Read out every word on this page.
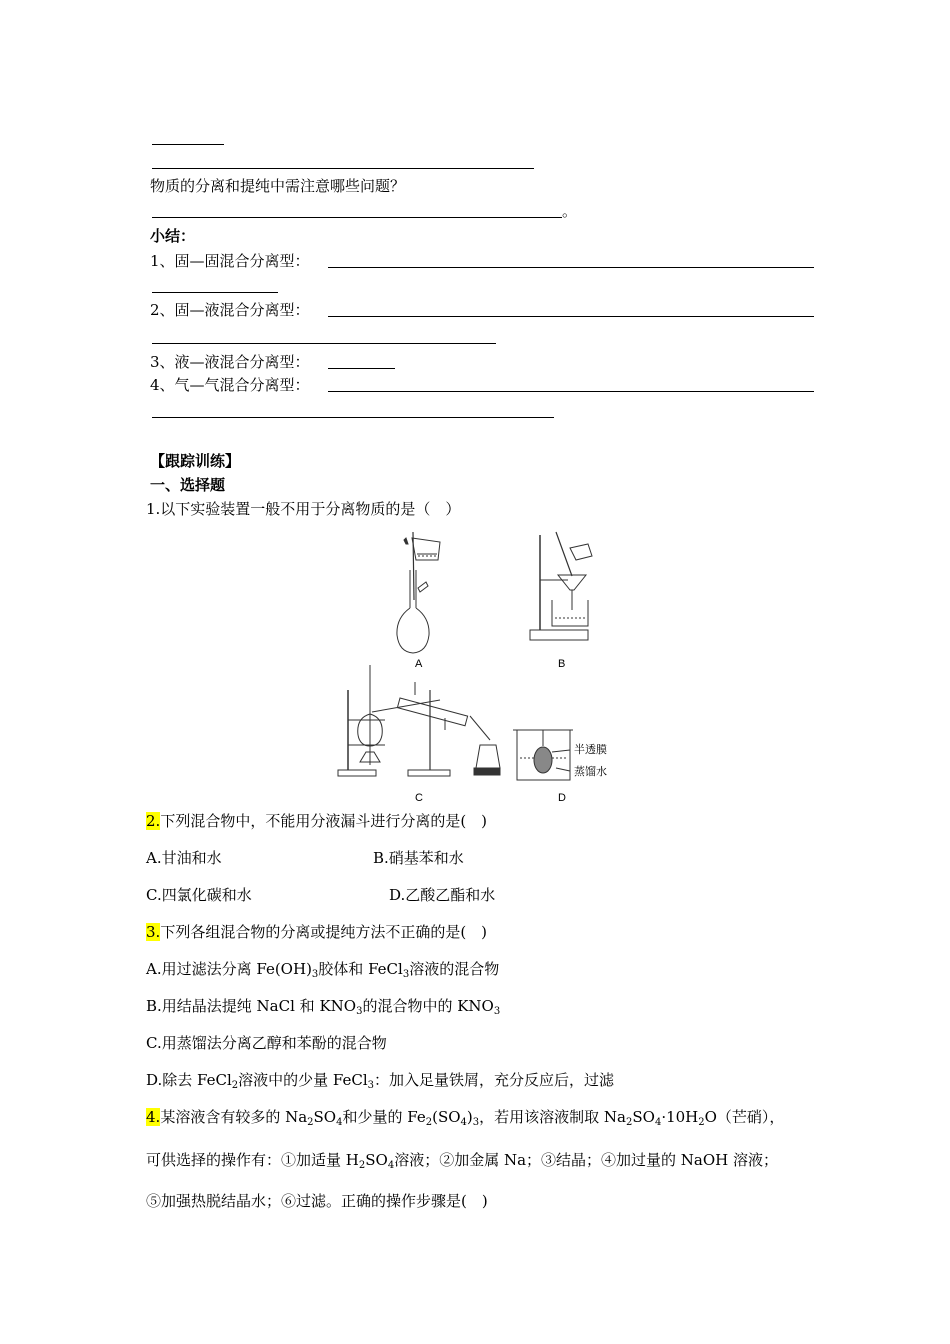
物质的分离和提纯中需注意哪些问题？
。
小结：
1、固—固混合分离型：
2、固—液混合分离型：
3、液—液混合分离型：
4、气—气混合分离型：
【跟踪训练】
一、选择题
1.以下实验装置一般不用于分离物质的是（　）
A	B
C	D
半透膜
蒸馏水
2.下列混合物中，不能用分液漏斗进行分离的是(　)
A.甘油和水	B.硝基苯和水
C.四氯化碳和水	D.乙酸乙酯和水
3.下列各组混合物的分离或提纯方法不正确的是(　)
A.用过滤法分离 $Fe(OH)_3$胶体和 FeCl$_3$溶液的混合物
B.用结晶法提纯 NaCl 和 $KNO_3$的混合物中的 $KNO_3$
C.用蒸馏法分离乙醇和苯酚的混合物
D.除去 FeCl$_2$溶液中的少量 FeCl$_3$：加入足量铁屑，充分反应后，过滤
4.某溶液含有较多的 $Na_2SO_4$和少量的 $Fe_2(SO_4)_3$，若用该溶液制取 $Na_2SO_4\cdot 10H_2O$（芒硝），
可供选择的操作有：①加适量 $H_2SO_4$溶液；②加金属 Na；③结晶；④加过量的 NaOH 溶液；
⑤加强热脱结晶水；⑥过滤。正确的操作步骤是(　)
